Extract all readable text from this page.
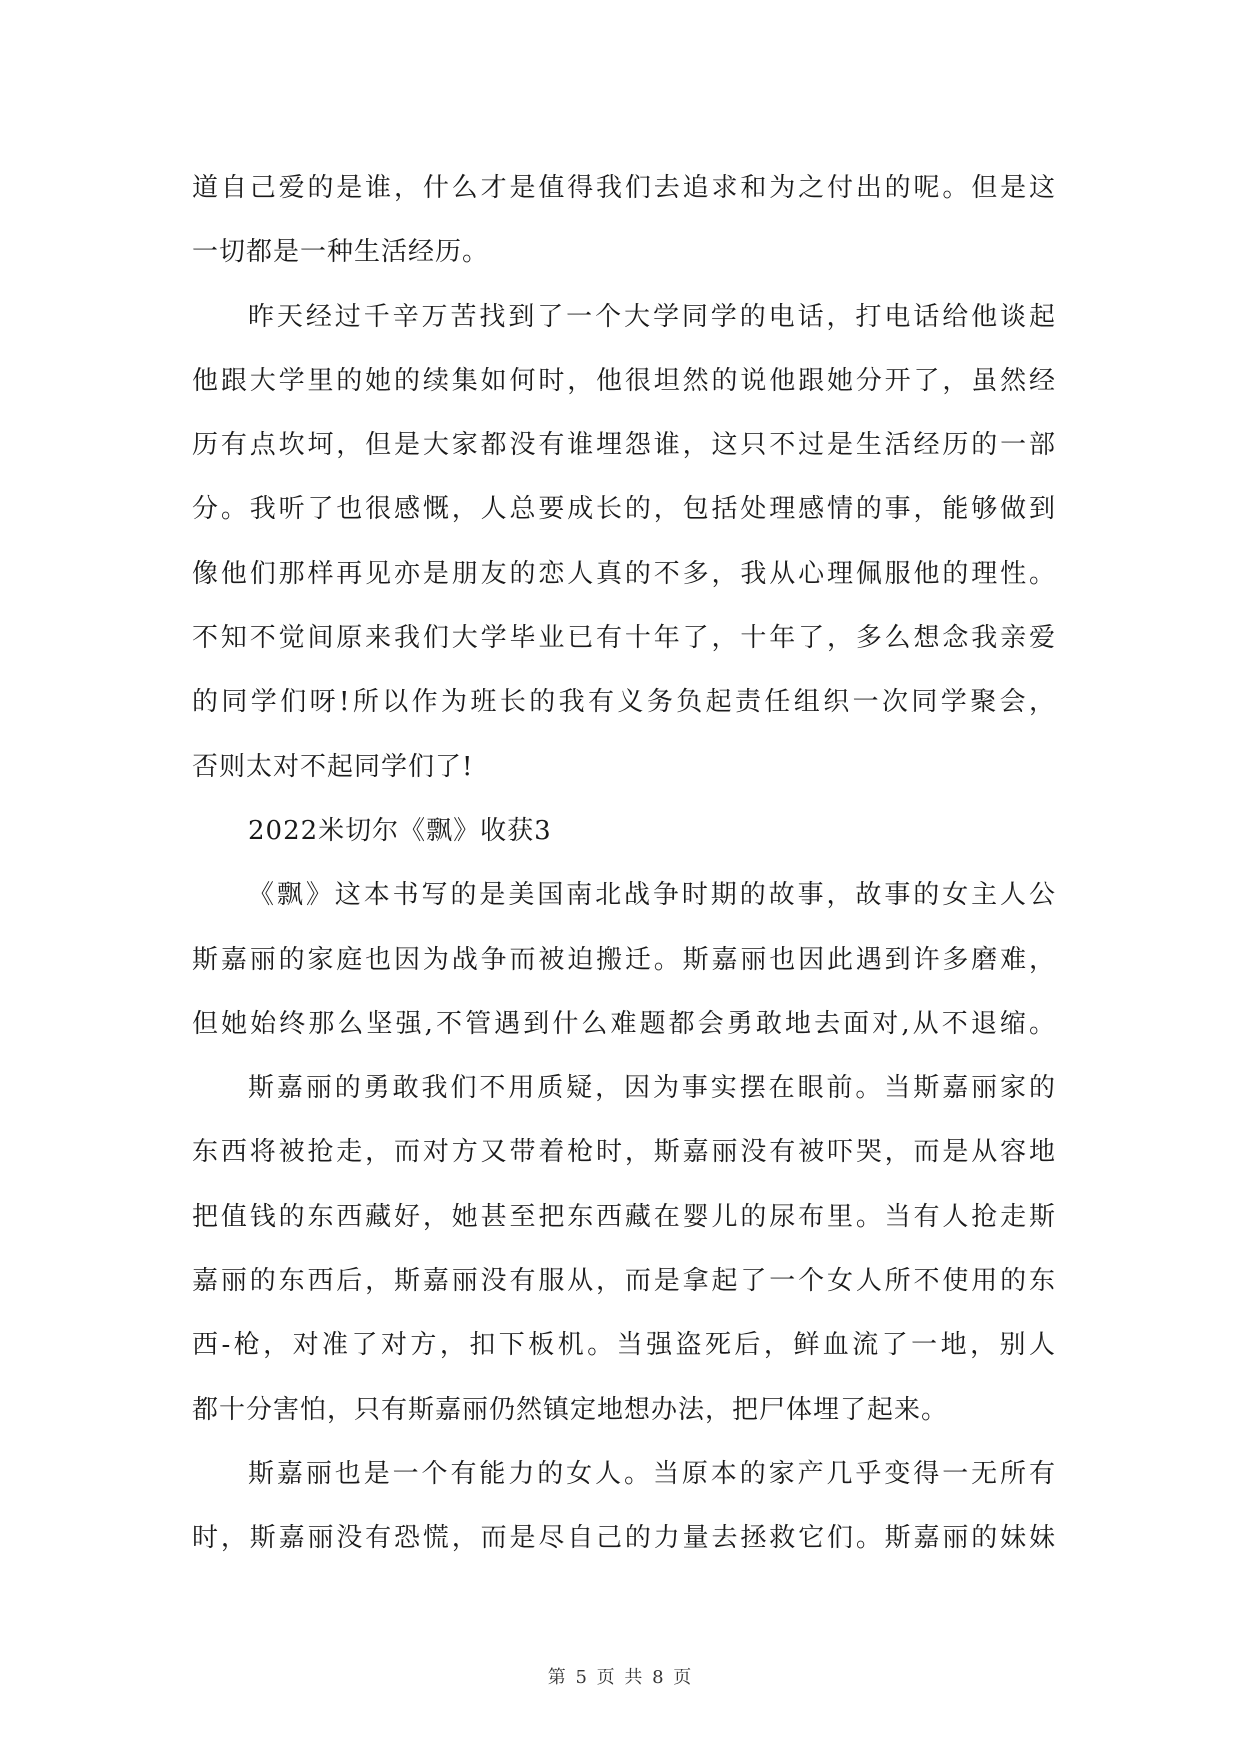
道自己爱的是谁，什么才是值得我们去追求和为之付出的呢。但是这
一切都是一种生活经历。
昨天经过千辛万苦找到了一个大学同学的电话，打电话给他谈起
他跟大学里的她的续集如何时，他很坦然的说他跟她分开了，虽然经
历有点坎坷，但是大家都没有谁埋怨谁，这只不过是生活经历的一部
分。我听了也很感慨，人总要成长的，包括处理感情的事，能够做到
像他们那样再见亦是朋友的恋人真的不多，我从心理佩服他的理性。
不知不觉间原来我们大学毕业已有十年了，十年了，多么想念我亲爱
的同学们呀!所以作为班长的我有义务负起责任组织一次同学聚会，
否则太对不起同学们了!
2022米切尔《飘》收获3
《飘》这本书写的是美国南北战争时期的故事，故事的女主人公
斯嘉丽的家庭也因为战争而被迫搬迁。斯嘉丽也因此遇到许多磨难，
但她始终那么坚强,不管遇到什么难题都会勇敢地去面对,从不退缩。
斯嘉丽的勇敢我们不用质疑，因为事实摆在眼前。当斯嘉丽家的
东西将被抢走，而对方又带着枪时，斯嘉丽没有被吓哭，而是从容地
把值钱的东西藏好，她甚至把东西藏在婴儿的尿布里。当有人抢走斯
嘉丽的东西后，斯嘉丽没有服从，而是拿起了一个女人所不使用的东
西-枪，对准了对方，扣下板机。当强盗死后，鲜血流了一地，别人
都十分害怕，只有斯嘉丽仍然镇定地想办法，把尸体埋了起来。
斯嘉丽也是一个有能力的女人。当原本的家产几乎变得一无所有
时，斯嘉丽没有恐慌，而是尽自己的力量去拯救它们。斯嘉丽的妹妹
第 5 页 共 8 页
